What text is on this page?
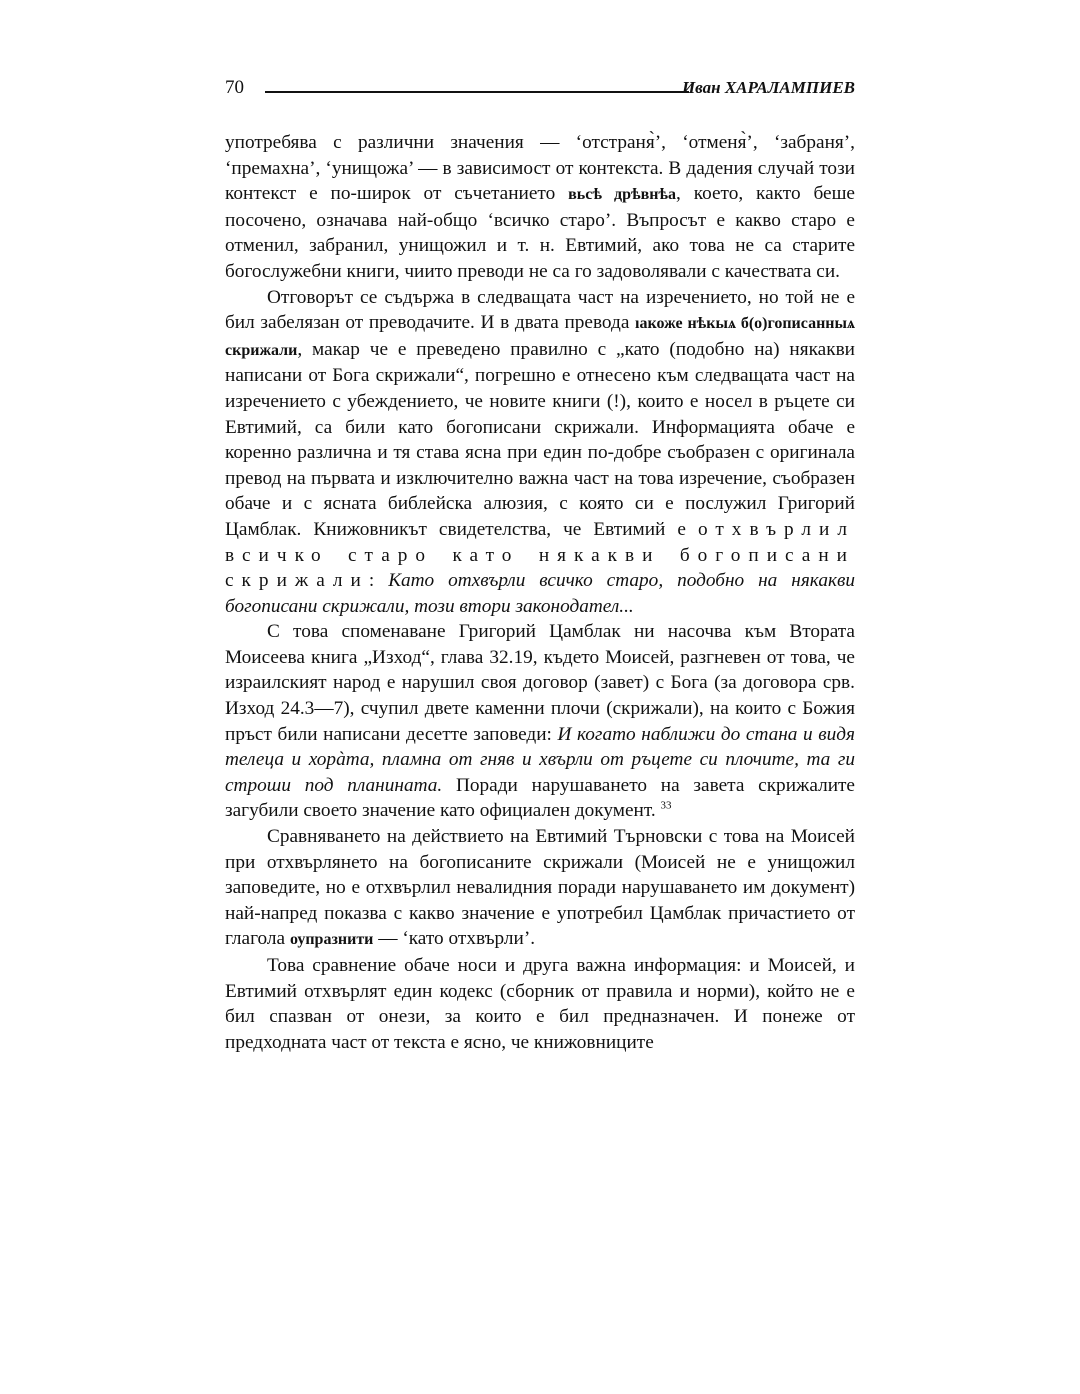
70	Иван ХАРАЛАМПИЕВ

употребява с различни значения — ‘отстраня̀’, ‘отменя̀’, ‘забраня’, ‘премахна’, ‘унищожа’ — в зависимост от контекста. В дадения случай този контекст е по-широк от съчетанието вьсѣ дрѣвнѣа, което, както беше посочено, означава най-общо ‘всичко старо’. Въпросът е какво старо е отменил, забранил, унищожил и т. н. Евтимий, ако това не са старите богослужебни книги, чиито преводи не са го задоволявали с качествата си.

Отговорът се съдържа в следващата част на изречението, но той не е бил забелязан от преводачите. И в двата превода ıакоже нѣкыѧ б(о)гописанныѧ скрижали, макар че е преведено правилно с „като (подобно на) някакви написани от Бога скрижали“, погрешно е отнесено към следващата част на изречението с убеждението, че новите книги (!), които е носел в ръцете си Евтимий, са били като богописани скрижали. Информацията обаче е коренно различна и тя става ясна при един по-добре съобразен с оригинала превод на първата и изключително важна част на това изречение, съобразен обаче и с ясната библейска алюзия, с която си е послужил Григорий Цамблак. Книжовникът свидетелства, че Евтимий е отхвърлил всичко старо като някакви богописани скрижали: Като отхвърли всичко старо, подобно на някакви богописани скрижали, този втори законодател...

С това споменаване Григорий Цамблак ни насочва към Втората Моисеева книга „Изход“, глава 32.19, където Моисей, разгневен от това, че израилският народ е нарушил своя договор (завет) с Бога (за договора срв. Изход 24.3—7), счупил двете каменни плочи (скрижали), на които с Божия пръст били написани десетте заповеди: И когато наближи до стана и видя телеца и хорàта, пламна от гняв и хвърли от ръцете си плочите, та ги строши под планината. Поради нарушаването на завета скрижалите загубили своето значение като официален документ. $^{33}$

Сравняването на действието на Евтимий Търновски с това на Моисей при отхвърлянето на богописаните скрижали (Моисей не е унищожил заповедите, но е отхвърлил невалидния поради нарушаването им документ) най-напред показва с какво значение е употребил Цамблак причастието от глагола оупразнити — ‘като отхвърли’.

Това сравнение обаче носи и друга важна информация: и Моисей, и Евтимий отхвърлят един кодекс (сборник от правила и норми), който не е бил спазван от онези, за които е бил предназначен. И понеже от предходната част от текста е ясно, че книжовниците
